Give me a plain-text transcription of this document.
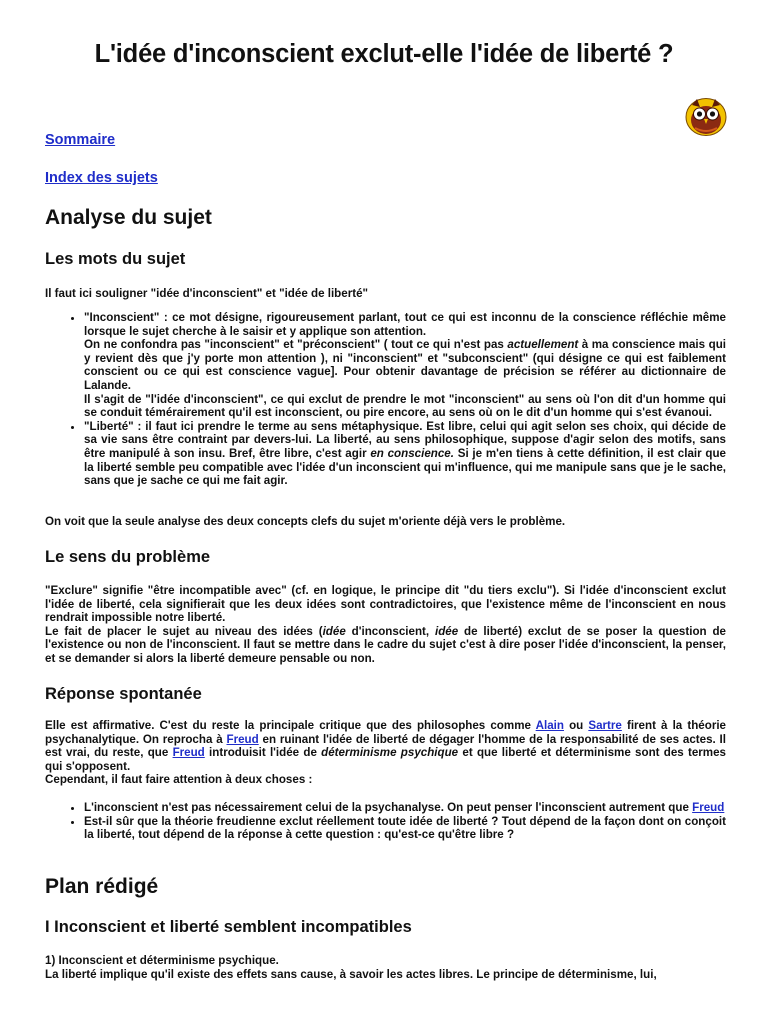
L'idée d'inconscient exclut-elle l'idée de liberté ?
Sommaire
Index des sujets
Analyse du sujet
Les mots du sujet

Il faut ici souligner "idée d'inconscient" et "idée de liberté"

• "Inconscient" : ce mot désigne, rigoureusement parlant, tout ce qui est inconnu de la conscience réfléchie même lorsque le sujet cherche à le saisir et y applique son attention.
On ne confondra pas "inconscient" et "préconscient" ( tout ce qui n'est pas actuellement à ma conscience mais qui y revient dès que j'y porte mon attention ), ni "inconscient" et "subconscient" (qui désigne ce qui est faiblement conscient ou ce qui est conscience vague]. Pour obtenir davantage de précision se référer au dictionnaire de Lalande.
Il s'agit de "l'idée d'inconscient", ce qui exclut de prendre le mot "inconscient" au sens où l'on dit d'un homme qui se conduit témérairement qu'il est inconscient, ou pire encore, au sens où on le dit d'un homme qui s'est évanoui.
• "Liberté" : il faut ici prendre le terme au sens métaphysique. Est libre, celui qui agit selon ses choix, qui décide de sa vie sans être contraint par devers-lui. La liberté, au sens philosophique, suppose d'agir selon des motifs, sans être manipulé à son insu. Bref, être libre, c'est agir en conscience. Si je m'en tiens à cette définition, il est clair que la liberté semble peu compatible avec l'idée d'un inconscient qui m'influence, qui me manipule sans que je le sache, sans que je sache ce qui me fait agir.

On voit que la seule analyse des deux concepts clefs du sujet m'oriente déjà vers le problème.

Le sens du problème

"Exclure" signifie "être incompatible avec" (cf. en logique, le principe dit "du tiers exclu"). Si l'idée d'inconscient exclut l'idée de liberté, cela signifierait que les deux idées sont contradictoires, que l'existence même de l'inconscient en nous rendrait impossible notre liberté.
Le fait de placer le sujet au niveau des idées (idée d'inconscient, idée de liberté) exclut de se poser la question de l'existence ou non de l'inconscient. Il faut se mettre dans le cadre du sujet c'est à dire poser l'idée d'inconscient, la penser, et se demander si alors la liberté demeure pensable ou non.

Réponse spontanée

Elle est affirmative. C'est du reste la principale critique que des philosophes comme Alain ou Sartre firent à la théorie psychanalytique. On reprocha à Freud en ruinant l'idée de liberté de dégager l'homme de la responsabilité de ses actes. Il est vrai, du reste, que Freud introduisit l'idée de déterminisme psychique et que liberté et déterminisme sont des termes qui s'opposent.
Cependant, il faut faire attention à deux choses :

• L'inconscient n'est pas nécessairement celui de la psychanalyse. On peut penser l'inconscient autrement que Freud
• Est-il sûr que la théorie freudienne exclut réellement toute idée de liberté ? Tout dépend de la façon dont on conçoit la liberté, tout dépend de la réponse à cette question : qu'est-ce qu'être libre ?
Plan rédigé
I Inconscient et liberté semblent incompatibles

1) Inconscient et déterminisme psychique.
La liberté implique qu'il existe des effets sans cause, à savoir les actes libres. Le principe de déterminisme, lui,
